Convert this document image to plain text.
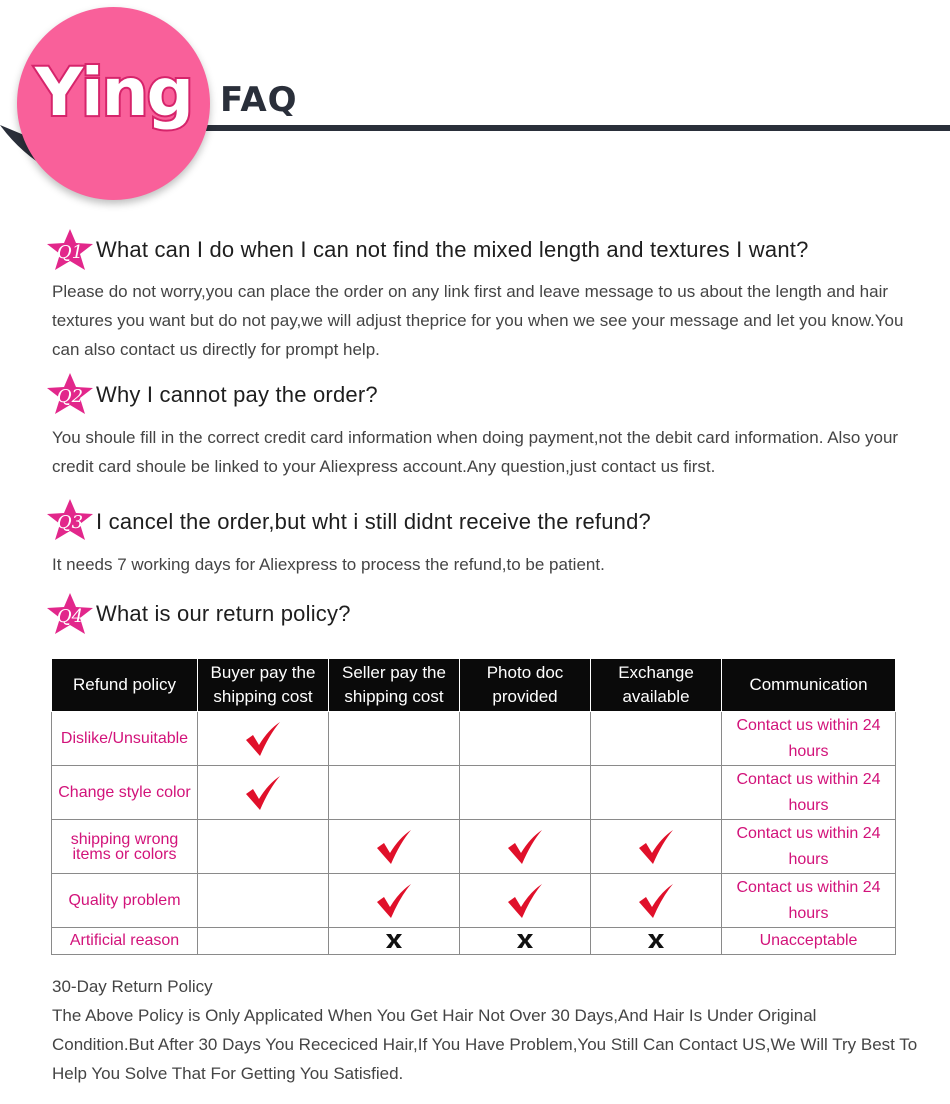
Ying FAQ
Q1 What can I do when I can not find the mixed length and textures I want?
Please do not worry,you can place the order on any link first and leave message to us about the length and hair textures you want but do not pay,we will adjust theprice for you when we see your message and let you know.You can also contact us directly for prompt help.
Q2 Why I cannot pay the order?
You shoule fill in the correct credit card information when doing payment,not the debit card information. Also your credit card shoule be linked to your Aliexpress account.Any question,just contact us first.
Q3 I cancel the order,but wht i still didnt receive the refund?
It needs 7 working days for Aliexpress to process the refund,to be patient.
Q4 What is our return policy?
Refund policy	Buyer pay the shipping cost	Seller pay the shipping cost	Photo doc provided	Exchange available	Communication
Dislike/Unsuitable					Contact us within 24 hours
Change style color					Contact us within 24 hours
shipping wrong items or colors					Contact us within 24 hours
Quality problem					Contact us within 24 hours
Artificial reason					Unacceptable
30-Day Return Policy
The Above Policy is Only Applicated When You Get Hair Not Over 30 Days,And Hair Is Under Original Condition.But After 30 Days You Receciced Hair,If You Have Problem,You Still Can Contact US,We Will Try Best To Help You Solve That For Getting You Satisfied.
